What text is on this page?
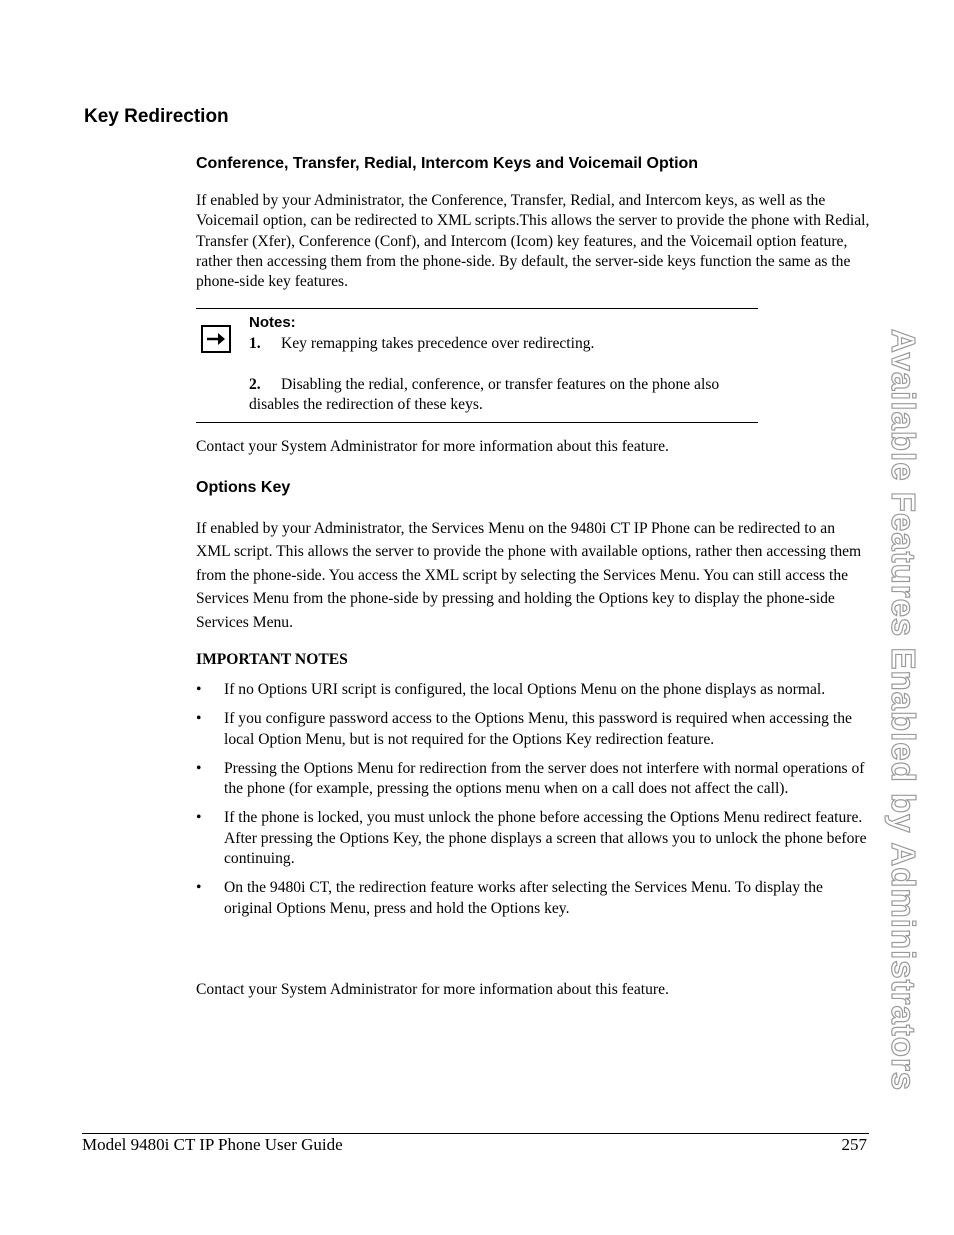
Key Redirection
Conference, Transfer, Redial, Intercom Keys and Voicemail Option

If enabled by your Administrator, the Conference, Transfer, Redial, and Intercom keys, as well as the Voicemail option, can be redirected to XML scripts.This allows the server to provide the phone with Redial, Transfer (Xfer), Conference (Conf), and Intercom (Icom) key features, and the Voicemail option feature, rather then accessing them from the phone-side. By default, the server-side keys function the same as the phone-side key features.

Notes:
1. Key remapping takes precedence over redirecting.
2. Disabling the redial, conference, or transfer features on the phone also disables the redirection of these keys.

Contact your System Administrator for more information about this feature.

Options Key

If enabled by your Administrator, the Services Menu on the 9480i CT IP Phone can be redirected to an XML script. This allows the server to provide the phone with available options, rather then accessing them from the phone-side. You access the XML script by selecting the Services Menu. You can still access the Services Menu from the phone-side by pressing and holding the Options key to display the phone-side Services Menu.

IMPORTANT NOTES
• If no Options URI script is configured, the local Options Menu on the phone displays as normal.
• If you configure password access to the Options Menu, this password is required when accessing the local Option Menu, but is not required for the Options Key redirection feature.
• Pressing the Options Menu for redirection from the server does not interfere with normal operations of the phone (for example, pressing the options menu when on a call does not affect the call).
• If the phone is locked, you must unlock the phone before accessing the Options Menu redirect feature. After pressing the Options Key, the phone displays a screen that allows you to unlock the phone before continuing.
• On the 9480i CT, the redirection feature works after selecting the Services Menu. To display the original Options Menu, press and hold the Options key.

Contact your System Administrator for more information about this feature.	Available Features Enabled by Administrators
Model 9480i CT IP Phone User Guide	257
